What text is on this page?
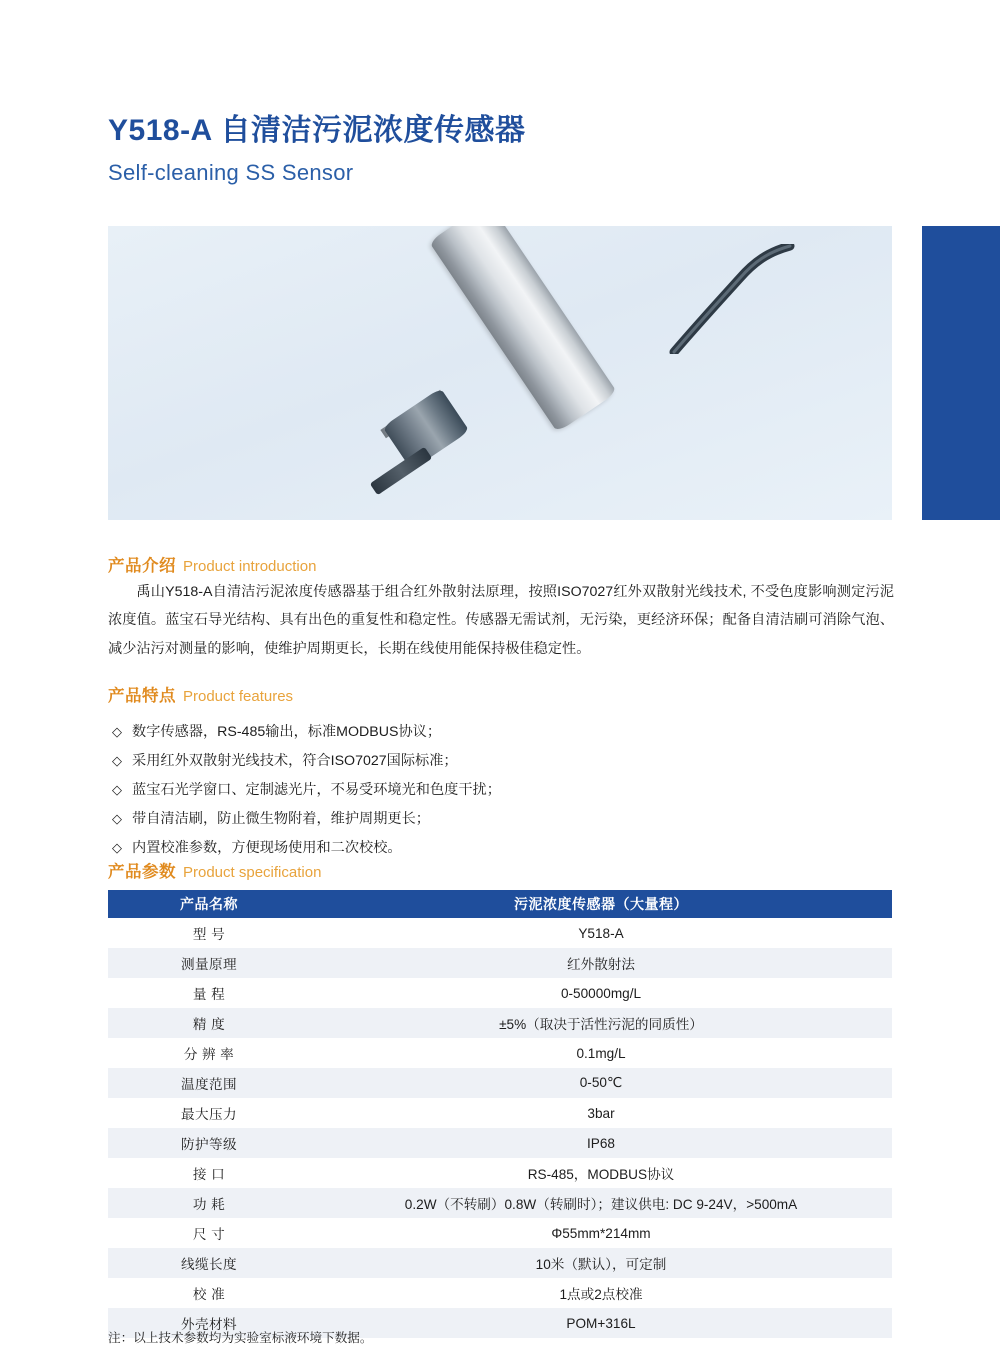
Y518-A 自清洁污泥浓度传感器
Self-cleaning SS Sensor
产品介绍 Product introduction
禹山Y518-A自清洁污泥浓度传感器基于组合红外散射法原理，按照ISO7027红外双散射光线技术, 不受色度影响测定污泥浓度值。蓝宝石导光结构、具有出色的重复性和稳定性。传感器无需试剂，无污染，更经济环保；配备自清洁刷可消除气泡、减少沾污对测量的影响，使维护周期更长，长期在线使用能保持极佳稳定性。
产品特点 Product features
◇ 数字传感器，RS-485输出，标准MODBUS协议；
◇ 采用红外双散射光线技术，符合ISO7027国际标准；
◇ 蓝宝石光学窗口、定制滤光片，不易受环境光和色度干扰；
◇ 带自清洁刷，防止微生物附着，维护周期更长；
◇ 内置校准参数，方便现场使用和二次校校。
产品参数 Product specification
产品名称	污泥浓度传感器（大量程）
型 号	Y518-A
测量原理	红外散射法
量 程	0-50000mg/L
精 度	±5%（取决于活性污泥的同质性）
分 辨 率	0.1mg/L
温度范围	0-50℃
最大压力	3bar
防护等级	IP68
接 口	RS-485，MODBUS协议
功 耗	0.2W（不转刷）0.8W（转刷时）；建议供电: DC 9-24V，>500mA
尺 寸	Φ55mm*214mm
线缆长度	10米（默认），可定制
校 准	1点或2点校准
外壳材料	POM+316L
注：以上技术参数均为实验室标液环境下数据。
